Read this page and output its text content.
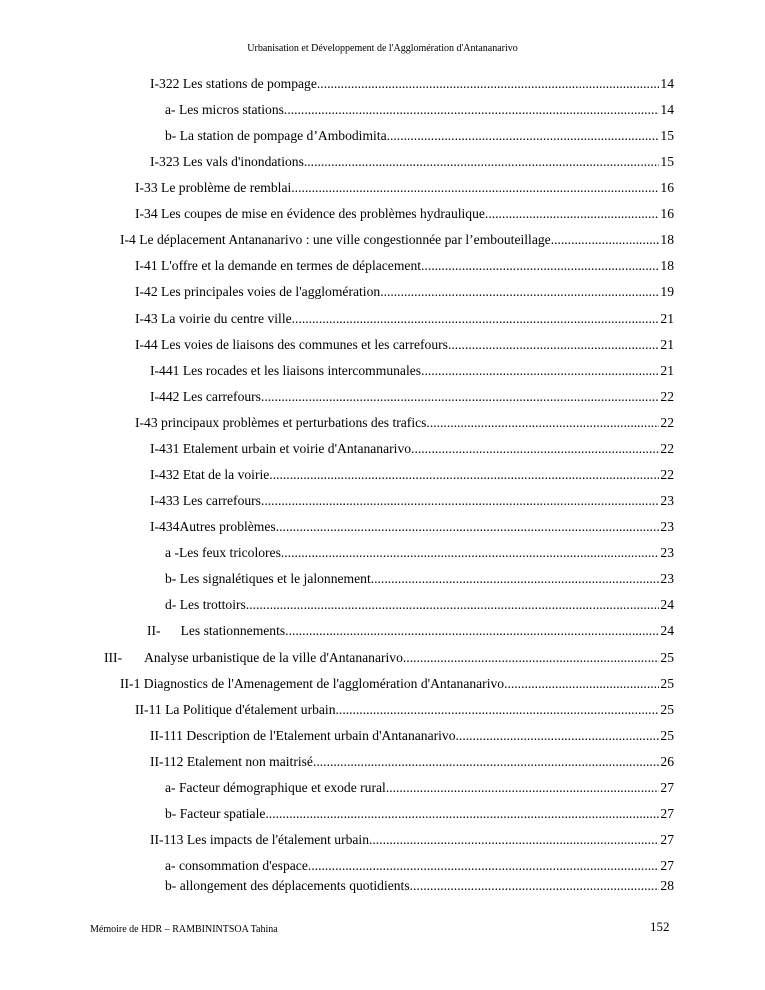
Urbanisation et Développement de l'Agglomération d'Antananarivo
I-322 Les stations de pompage .....	14
a- Les micros stations .....	14
b- La station de pompage d’Ambodimita .....	15
I-323 Les vals d'inondations .....	15
I-33 Le problème de remblai .....	16
I-34 Les coupes de mise en évidence des problèmes hydraulique .....	16
I-4 Le déplacement Antananarivo : une ville congestionnée par l’embouteillage .....	18
I-41 L'offre et la demande en termes de déplacement .....	18
I-42 Les principales voies de l'agglomération .....	19
I-43 La voirie du centre ville .....	21
I-44 Les voies de liaisons des communes et les carrefours .....	21
I-441 Les rocades et les liaisons intercommunales .....	21
I-442 Les carrefours .....	22
I-43 principaux problèmes et perturbations des trafics .....	22
I-431 Etalement urbain et voirie d'Antananarivo .....	22
I-432 Etat de la voirie .....	22
I-433 Les carrefours .....	23
I-434Autres problèmes .....	23
a -Les feux tricolores .....	23
b- Les signalétiques et le jalonnement .....	23
d- Les trottoirs .....	24
II- Les stationnements .....	24
III- Analyse urbanistique de la ville d'Antananarivo .....	25
II-1 Diagnostics de l'Amenagement de l'agglomération d'Antananarivo .....	25
II-11 La Politique d'étalement urbain .....	25
II-111 Description de l'Etalement urbain d'Antananarivo .....	25
II-112 Etalement non maitrisé .....	26
a- Facteur démographique et exode rural .....	27
b- Facteur spatiale .....	27
II-113 Les impacts de l'étalement urbain .....	27
a- consommation d'espace .....	27
b- allongement des déplacements quotidients .....	28
Mémoire de HDR – RAMBININTSOA Tahina	152
